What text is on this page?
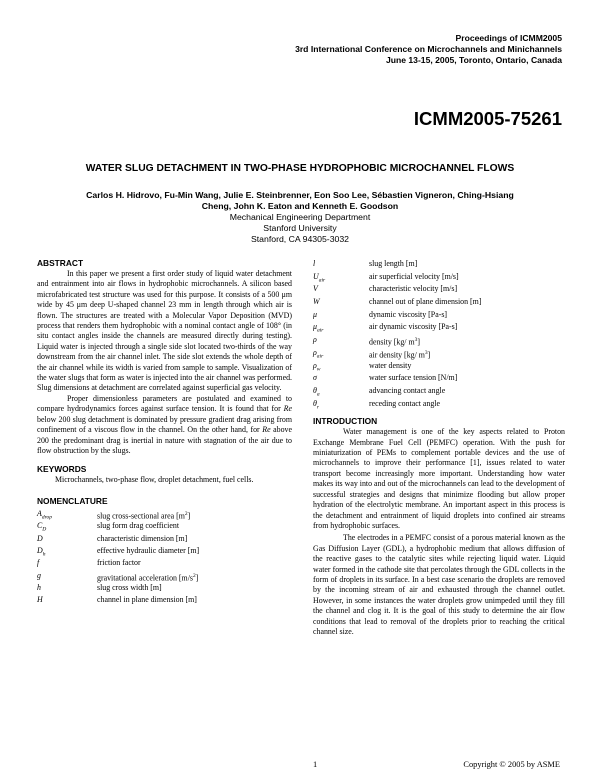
Proceedings of ICMM2005
3rd International Conference on Microchannels and Minichannels
June 13-15, 2005, Toronto, Ontario, Canada
ICMM2005-75261
WATER SLUG DETACHMENT IN TWO-PHASE HYDROPHOBIC MICROCHANNEL FLOWS
Carlos H. Hidrovo, Fu-Min Wang, Julie E. Steinbrenner, Eon Soo Lee, Sébastien Vigneron, Ching-Hsiang
Cheng, John K. Eaton and Kenneth E. Goodson
Mechanical Engineering Department
Stanford University
Stanford, CA 94305-3032
ABSTRACT

In this paper we present a first order study of liquid water detachment and entrainment into air flows in hydrophobic microchannels. A silicon based microfabricated test structure was used for this purpose. It consists of a 500 μm wide by 45 μm deep U-shaped channel 23 mm in length through which air is flown. The structures are treated with a Molecular Vapor Deposition (MVD) process that renders them hydrophobic with a nominal contact angle of 108° (in situ contact angles inside the channels are measured directly during testing). Liquid water is injected through a single side slot located two-thirds of the way downstream from the air channel inlet. The side slot extends the whole depth of the air channel while its width is varied from sample to sample. Visualization of the water slugs that form as water is injected into the air channel was performed. Slug dimensions at detachment are correlated against superficial gas velocity.

Proper dimensionless parameters are postulated and examined to compare hydrodynamics forces against surface tension. It is found that for Re below 200 slug detachment is dominated by pressure gradient drag arising from confinement of a viscous flow in the channel. On the other hand, for Re above 200 the predominant drag is inertial in nature with stagnation of the air due to flow obstruction by the slugs.

KEYWORDS

Microchannels, two-phase flow, droplet detachment, fuel cells.

NOMENCLATURE
$A_{drop}$	slug cross-sectional area $[m^2]$
$C_D$	slug form drag coefficient
D	characteristic dimension [m]
$D_h$	effective hydraulic diameter [m]
f	friction factor
g	gravitational acceleration $[m/s^2]$
h	slug cross width [m]
H	channel in plane dimension [m]
l	slug length [m]
$U_{air}$	air superficial velocity [m/s]
V	characteristic velocity [m/s]
W	channel out of plane dimension [m]
μ	dynamic viscosity [Pa-s]
$\mu_{air}$	air dynamic viscosity [Pa-s]
ρ	density [kg/ $m^3$]
$\rho_{air}$	air density [kg/ $m^3$]
$\rho_w$	water density
σ	water surface tension [N/m]
$\theta_a$	advancing contact angle
$\theta_r$	receding contact angle
INTRODUCTION

Water management is one of the key aspects related to Proton Exchange Membrane Fuel Cell (PEMFC) operation. With the push for miniaturization of PEMs to complement portable devices and the use of microchannels to improve their performance [1], issues related to water transport become increasingly more important. Understanding how water makes its way into and out of the microchannels can lead to the development of successful strategies and designs that minimize flooding but allow proper hydration of the electrolytic membrane. An important aspect in this process is the detachment and entrainment of liquid droplets into confined air streams from hydrophobic surfaces.

The electrodes in a PEMFC consist of a porous material known as the Gas Diffusion Layer (GDL), a hydrophobic medium that allows diffusion of the reactive gases to the catalytic sites while rejecting liquid water. Liquid water formed in the cathode site that percolates through the GDL collects in the form of droplets in its surface. In a best case scenario the droplets are removed by the incoming stream of air and exhausted through the channel outlet. However, in some instances the water droplets grow unimpeded until they fill the channel and clog it. It is the goal of this study to determine the air flow conditions that lead to removal of the droplets prior to reaching the critical channel size.

1	Copyright © 2005 by ASME
